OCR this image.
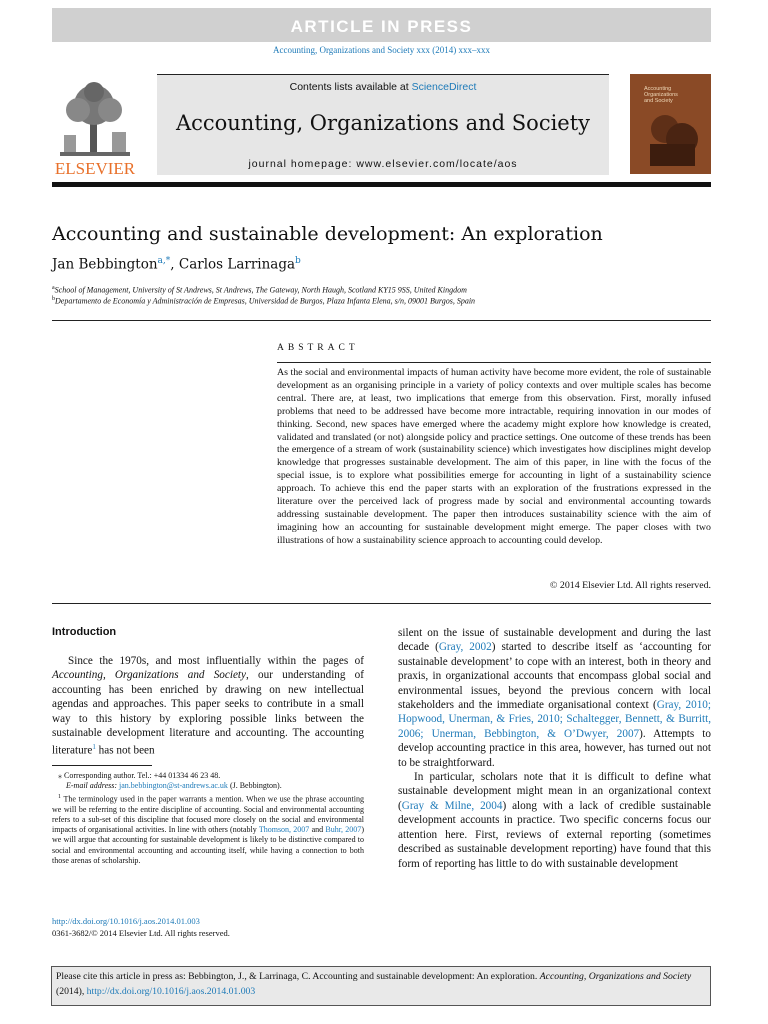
ARTICLE IN PRESS
Accounting, Organizations and Society xxx (2014) xxx–xxx
ELSEVIER
Contents lists available at ScienceDirect
Accounting, Organizations and Society
journal homepage: www.elsevier.com/locate/aos
Accounting
Organizations
and Society
Accounting and sustainable development: An exploration
Jan Bebbington$^{a,*}$, Carlos Larrinaga$^b$
$^a$School of Management, University of St Andrews, St Andrews, The Gateway, North Haugh, Scotland KY15 9SS, United Kingdom
$^b$Departamento de Economía y Administración de Empresas, Universidad de Burgos, Plaza Infanta Elena, s/n, 09001 Burgos, Spain
ABSTRACT
As the social and environmental impacts of human activity have become more evident, the role of sustainable development as an organising principle in a variety of policy contexts and over multiple scales has become central. There are, at least, two implications that emerge from this observation. First, morally infused problems that need to be addressed have become more intractable, requiring innovation in our modes of thinking. Second, new spaces have emerged where the academy might explore how knowledge is created, validated and translated (or not) alongside policy and practice settings. One outcome of these trends has been the emergence of a stream of work (sustainability science) which investigates how disciplines might develop knowledge that progresses sustainable development. The aim of this paper, in line with the focus of the special issue, is to explore what possibilities emerge for accounting in light of a sustainability science approach. To achieve this end the paper starts with an exploration of the frustrations expressed in the literature over the perceived lack of progress made by social and environmental accounting towards addressing sustainable development. The paper then introduces sustainability science with the aim of imagining how an accounting for sustainable development might emerge. The paper closes with two illustrations of how a sustainability science approach to accounting could develop.
© 2014 Elsevier Ltd. All rights reserved.
Introduction
Since the 1970s, and most influentially within the pages of Accounting, Organizations and Society, our understanding of accounting has been enriched by drawing on new intellectual agendas and approaches. This paper seeks to contribute in a small way to this history by exploring possible links between the sustainable development literature and accounting. The accounting literature$^1$ has not been

⁎ Corresponding author. Tel.: +44 01334 46 23 48.

E-mail address: jan.bebbington@st-andrews.ac.uk (J. Bebbington).

$^1$ The terminology used in the paper warrants a mention. When we use the phrase accounting we will be referring to the entire discipline of accounting. Social and environmental accounting refers to a sub-set of this discipline that focused more closely on the social and environmental impacts of organisational activities. In line with others (notably Thomson, 2007 and Buhr, 2007) we will argue that accounting for sustainable development is likely to be distinctive compared to social and environmental accounting and accounting itself, while having a connection to both those arenas of scholarship.

http://dx.doi.org/10.1016/j.aos.2014.01.003
0361-3682/© 2014 Elsevier Ltd. All rights reserved.

silent on the issue of sustainable development and during the last decade (Gray, 2002) started to describe itself as ‘accounting for sustainable development’ to cope with an interest, both in theory and praxis, in organizational accounts that encompass global social and environmental issues, beyond the previous concern with local stakeholders and the immediate organisational context (Gray, 2010; Hopwood, Unerman, & Fries, 2010; Schaltegger, Bennett, & Burritt, 2006; Unerman, Bebbington, & O’Dwyer, 2007). Attempts to develop accounting practice in this area, however, has turned out not to be straightforward.

In particular, scholars note that it is difficult to define what sustainable development might mean in an organizational context (Gray & Milne, 2004) along with a lack of credible sustainable development accounts in practice. Two specific concerns focus our attention here. First, reviews of external reporting (sometimes described as sustainable development reporting) have found that this form of reporting has little to do with sustainable development

Please cite this article in press as: Bebbington, J., & Larrinaga, C. Accounting and sustainable development: An exploration. Accounting, Organizations and Society (2014), http://dx.doi.org/10.1016/j.aos.2014.01.003
